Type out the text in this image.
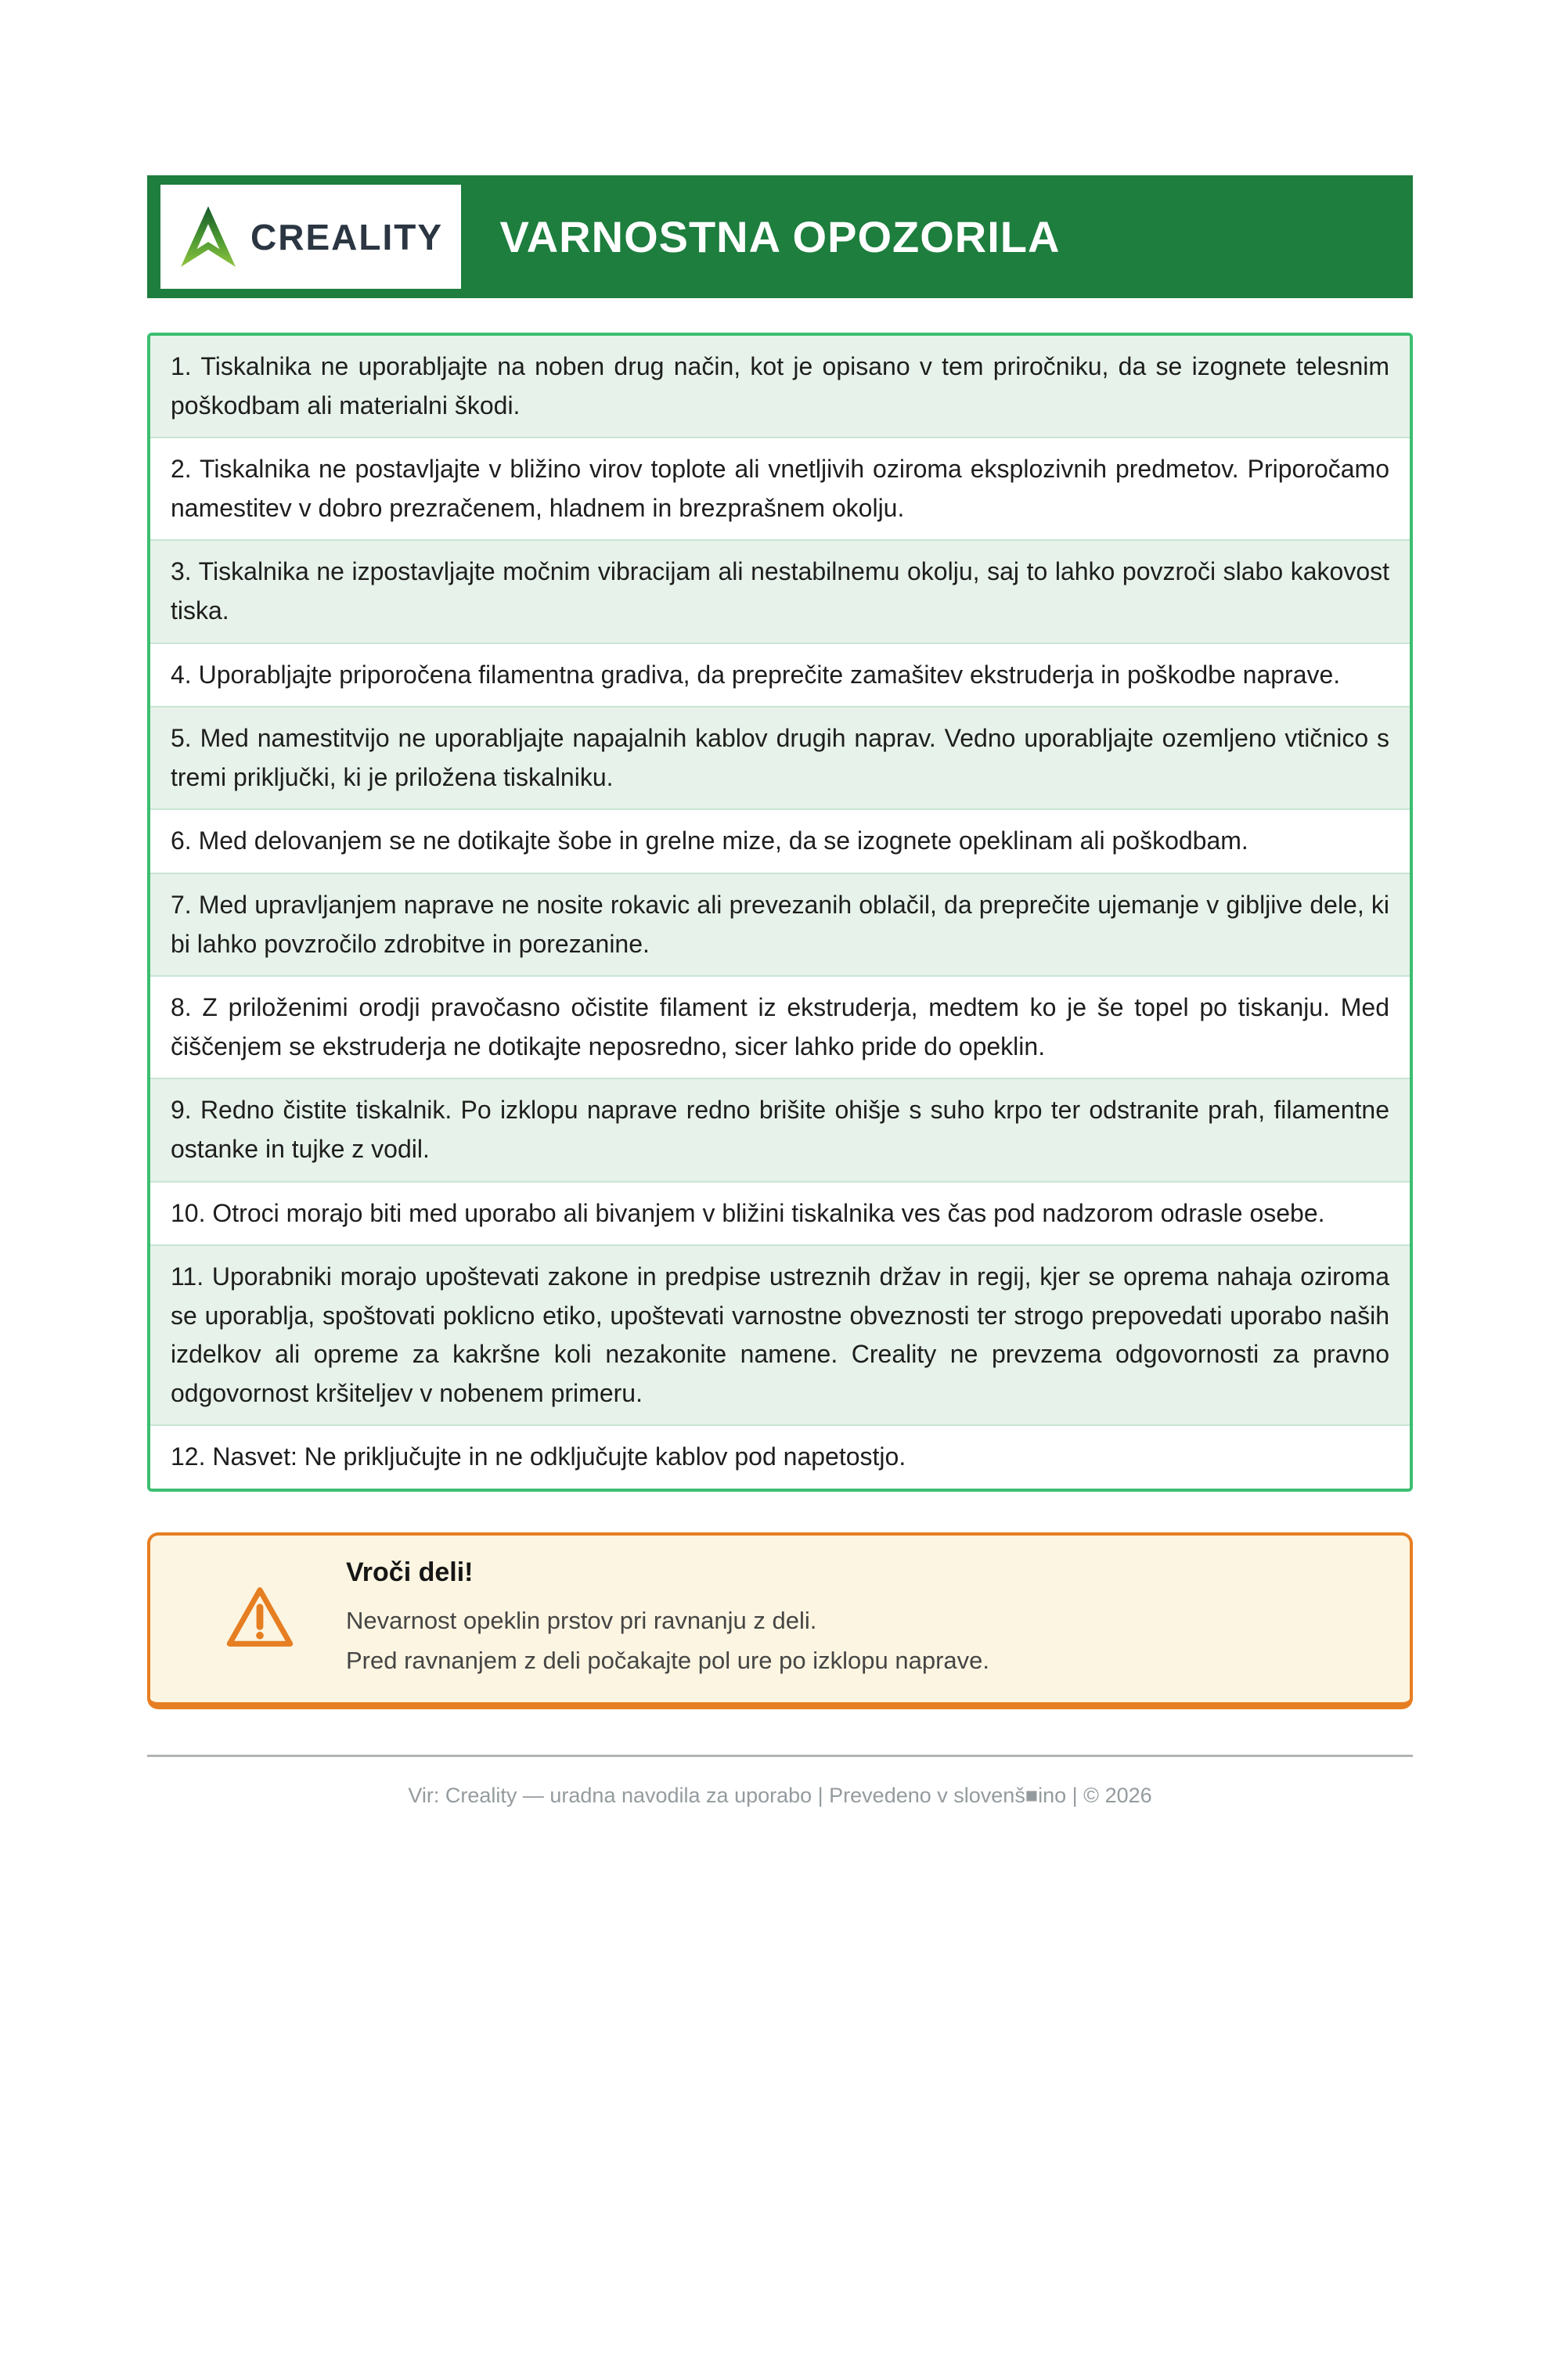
CREALITY	VARNOSTNA OPOZORILA
1. Tiskalnika ne uporabljajte na noben drug način, kot je opisano v tem priročniku, da se izognete telesnim poškodbam ali materialni škodi.
2. Tiskalnika ne postavljajte v bližino virov toplote ali vnetljivih oziroma eksplozivnih predmetov. Priporočamo namestitev v dobro prezračenem, hladnem in brezprašnem okolju.
3. Tiskalnika ne izpostavljajte močnim vibracijam ali nestabilnemu okolju, saj to lahko povzroči slabo kakovost tiska.
4. Uporabljajte priporočena filamentna gradiva, da preprečite zamašitev ekstruderja in poškodbe naprave.
5. Med namestitvijo ne uporabljajte napajalnih kablov drugih naprav. Vedno uporabljajte ozemljeno vtičnico s tremi priključki, ki je priložena tiskalniku.
6. Med delovanjem se ne dotikajte šobe in grelne mize, da se izognete opeklinam ali poškodbam.
7. Med upravljanjem naprave ne nosite rokavic ali prevezanih oblačil, da preprečite ujemanje v gibljive dele, ki bi lahko povzročilo zdrobitve in porezanine.
8. Z priloženimi orodji pravočasno očistite filament iz ekstruderja, medtem ko je še topel po tiskanju. Med čiščenjem se ekstruderja ne dotikajte neposredno, sicer lahko pride do opeklin.
9. Redno čistite tiskalnik. Po izklopu naprave redno brišite ohišje s suho krpo ter odstranite prah, filamentne ostanke in tujke z vodil.
10. Otroci morajo biti med uporabo ali bivanjem v bližini tiskalnika ves čas pod nadzorom odrasle osebe.
11. Uporabniki morajo upoštevati zakone in predpise ustreznih držav in regij, kjer se oprema nahaja oziroma se uporablja, spoštovati poklicno etiko, upoštevati varnostne obveznosti ter strogo prepovedati uporabo naših izdelkov ali opreme za kakršne koli nezakonite namene. Creality ne prevzema odgovornosti za pravno odgovornost kršiteljev v nobenem primeru.
12. Nasvet: Ne priključujte in ne odključujte kablov pod napetostjo.
Vroči deli!
Nevarnost opeklin prstov pri ravnanju z deli.
Pred ravnanjem z deli počakajte pol ure po izklopu naprave.
Vir: Creality — uradna navodila za uporabo | Prevedeno v slovenš■ino | © 2026
